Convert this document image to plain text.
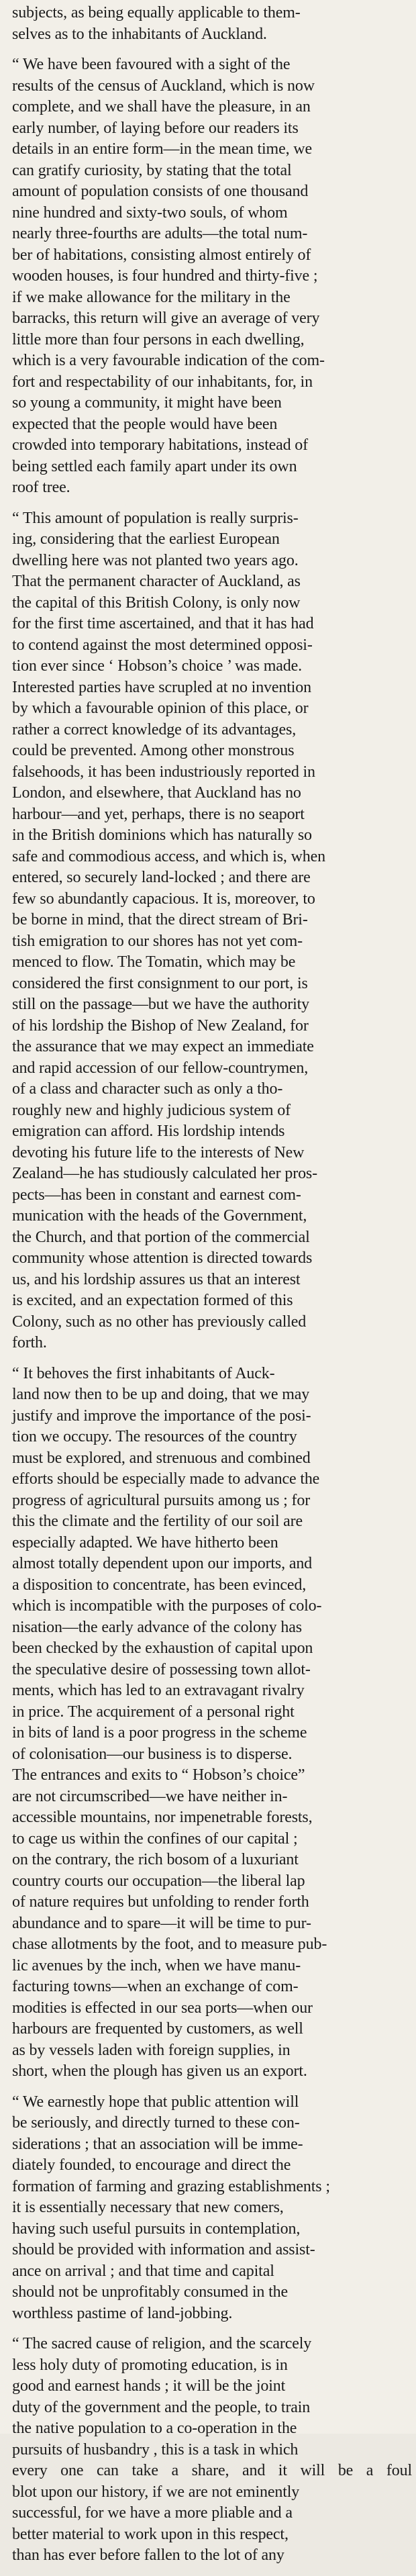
subjects, as being equally applicable to them-
selves as to the inhabitants of Auckland.

“ We have been favoured with a sight of the
results of the census of Auckland, which is now
complete, and we shall have the pleasure, in an
early number, of laying before our readers its
details in an entire form—in the mean time, we
can gratify curiosity, by stating that the total
amount of population consists of one thousand
nine hundred and sixty-two souls, of whom
nearly three-fourths are adults—the total num-
ber of habitations, consisting almost entirely of
wooden houses, is four hundred and thirty-five ;
if we make allowance for the military in the
barracks, this return will give an average of very
little more than four persons in each dwelling,
which is a very favourable indication of the com-
fort and respectability of our inhabitants, for, in
so young a community, it might have been
expected that the people would have been
crowded into temporary habitations, instead of
being settled each family apart under its own
roof tree.

“ This amount of population is really surpris-
ing, considering that the earliest European
dwelling here was not planted two years ago.
That the permanent character of Auckland, as
the capital of this British Colony, is only now
for the first time ascertained, and that it has had
to contend against the most determined opposi-
tion ever since ‘ Hobson’s choice ’ was made.
Interested parties have scrupled at no invention
by which a favourable opinion of this place, or
rather a correct knowledge of its advantages,
could be prevented. Among other monstrous
falsehoods, it has been industriously reported in
London, and elsewhere, that Auckland has no
harbour—and yet, perhaps, there is no seaport
in the British dominions which has naturally so
safe and commodious access, and which is, when
entered, so securely land-locked ; and there are
few so abundantly capacious. It is, moreover, to
be borne in mind, that the direct stream of Bri-
tish emigration to our shores has not yet com-
menced to flow. The Tomatin, which may be
considered the first consignment to our port, is
still on the passage—but we have the authority
of his lordship the Bishop of New Zealand, for
the assurance that we may expect an immediate
and rapid accession of our fellow-countrymen,
of a class and character such as only a tho-
roughly new and highly judicious system of
emigration can afford. His lordship intends
devoting his future life to the interests of New
Zealand—he has studiously calculated her pros-
pects—has been in constant and earnest com-
munication with the heads of the Government,
the Church, and that portion of the commercial
community whose attention is directed towards
us, and his lordship assures us that an interest
is excited, and an expectation formed of this
Colony, such as no other has previously called
forth.

“ It behoves the first inhabitants of Auck-
land now then to be up and doing, that we may
justify and improve the importance of the posi-
tion we occupy. The resources of the country
must be explored, and strenuous and combined
efforts should be especially made to advance the
progress of agricultural pursuits among us ; for
this the climate and the fertility of our soil are
especially adapted. We have hitherto been
almost totally dependent upon our imports, and
a disposition to concentrate, has been evinced,
which is incompatible with the purposes of colo-
nisation—the early advance of the colony has
been checked by the exhaustion of capital upon
the speculative desire of possessing town allot-
ments, which has led to an extravagant rivalry
in price. The acquirement of a personal right
in bits of land is a poor progress in the scheme
of colonisation—our business is to disperse.
The entrances and exits to “ Hobson’s choice”
are not circumscribed—we have neither in-
accessible mountains, nor impenetrable forests,
to cage us within the confines of our capital ;
on the contrary, the rich bosom of a luxuriant
country courts our occupation—the liberal lap
of nature requires but unfolding to render forth
abundance and to spare—it will be time to pur-
chase allotments by the foot, and to measure pub-
lic avenues by the inch, when we have manu-
facturing towns—when an exchange of com-
modities is effected in our sea ports—when our
harbours are frequented by customers, as well
as by vessels laden with foreign supplies, in
short, when the plough has given us an export.

“ We earnestly hope that public attention will
be seriously, and directly turned to these con-
siderations ; that an association will be imme-
diately founded, to encourage and direct the
formation of farming and grazing establishments ;
it is essentially necessary that new comers,
having such useful pursuits in contemplation,
should be provided with information and assist-
ance on arrival ; and that time and capital
should not be unprofitably consumed in the
worthless pastime of land-jobbing.

“ The sacred cause of religion, and the scarcely
less holy duty of promoting education, is in
good and earnest hands ; it will be the joint
duty of the government and the people, to train
the native population to a co-operation in the
pursuits of husbandry , this is a task in which
every one can take a share, and it will be a foul
blot upon our history, if we are not eminently
successful, for we have a more pliable and a
better material to work upon in this respect,
than has ever before fallen to the lot of any
